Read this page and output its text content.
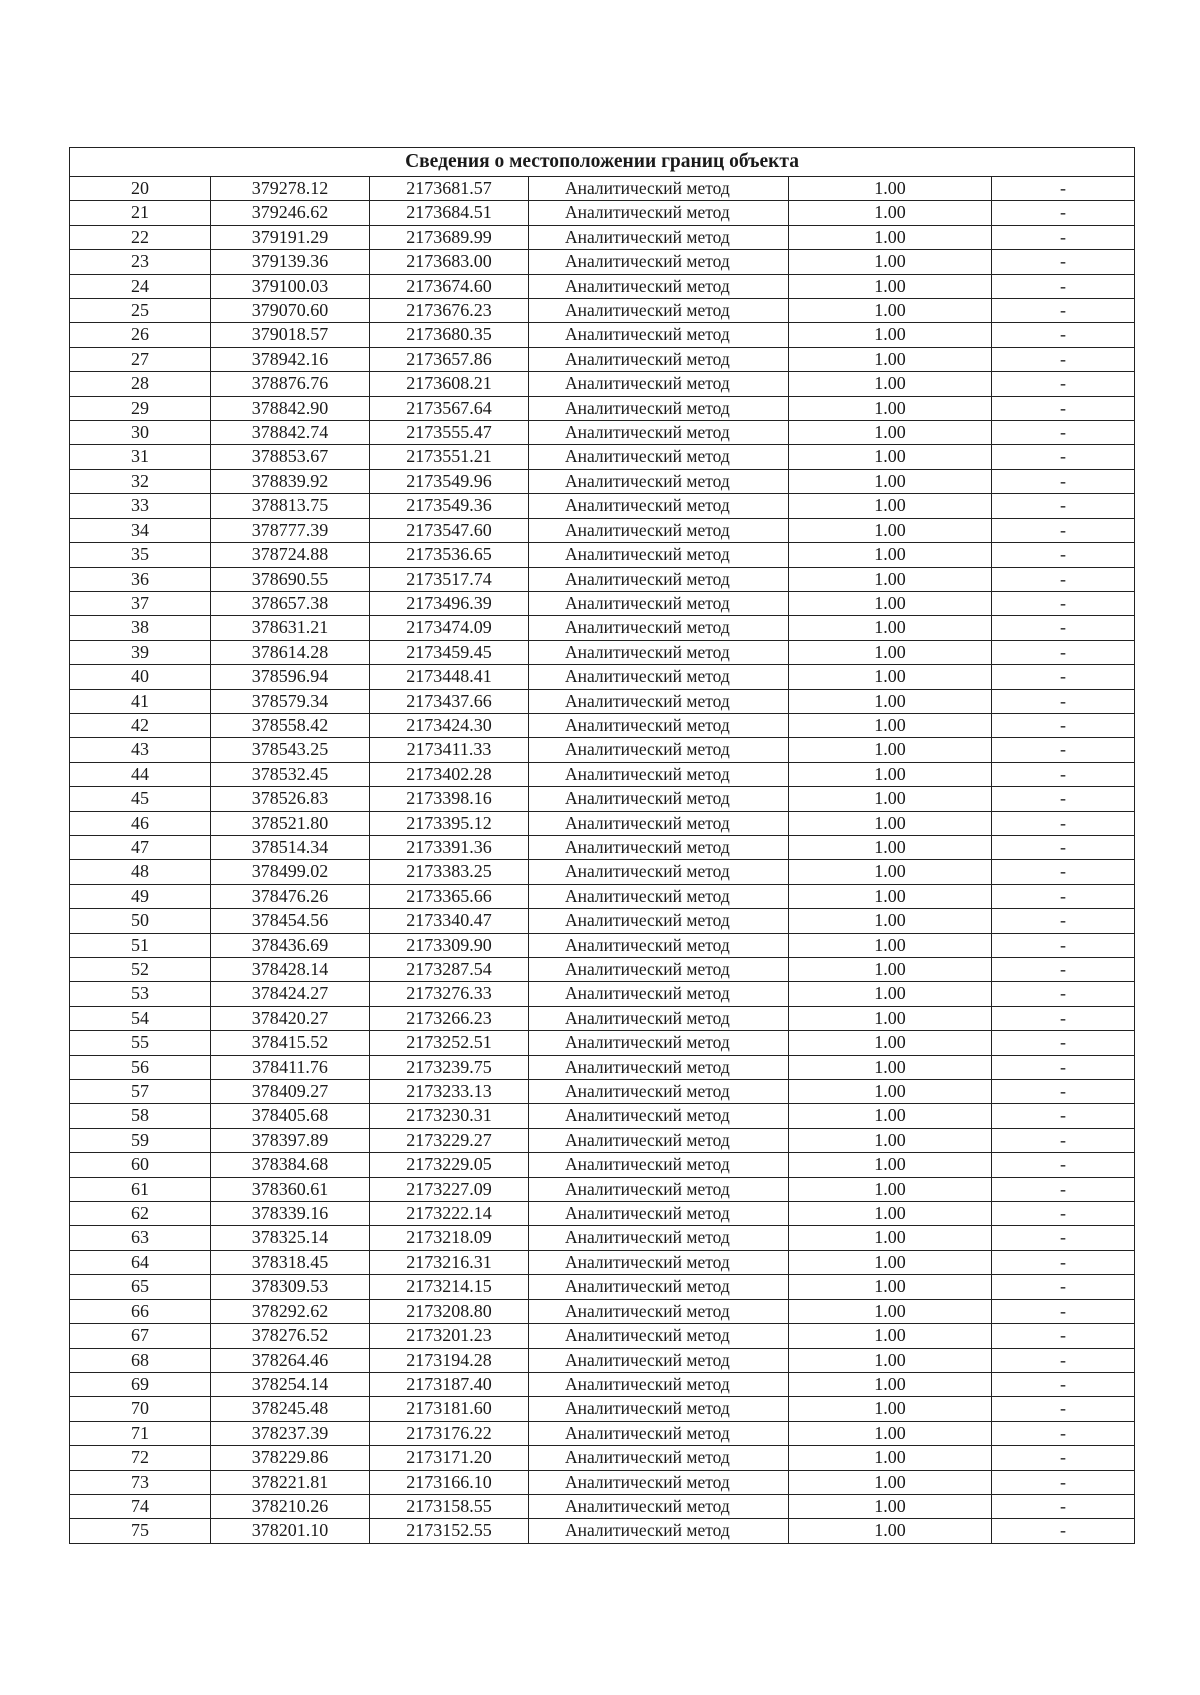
Сведения о местоположении границ объекта					
20	379278.12	2173681.57	Аналитический метод	1.00	-
21	379246.62	2173684.51	Аналитический метод	1.00	-
22	379191.29	2173689.99	Аналитический метод	1.00	-
23	379139.36	2173683.00	Аналитический метод	1.00	-
24	379100.03	2173674.60	Аналитический метод	1.00	-
25	379070.60	2173676.23	Аналитический метод	1.00	-
26	379018.57	2173680.35	Аналитический метод	1.00	-
27	378942.16	2173657.86	Аналитический метод	1.00	-
28	378876.76	2173608.21	Аналитический метод	1.00	-
29	378842.90	2173567.64	Аналитический метод	1.00	-
30	378842.74	2173555.47	Аналитический метод	1.00	-
31	378853.67	2173551.21	Аналитический метод	1.00	-
32	378839.92	2173549.96	Аналитический метод	1.00	-
33	378813.75	2173549.36	Аналитический метод	1.00	-
34	378777.39	2173547.60	Аналитический метод	1.00	-
35	378724.88	2173536.65	Аналитический метод	1.00	-
36	378690.55	2173517.74	Аналитический метод	1.00	-
37	378657.38	2173496.39	Аналитический метод	1.00	-
38	378631.21	2173474.09	Аналитический метод	1.00	-
39	378614.28	2173459.45	Аналитический метод	1.00	-
40	378596.94	2173448.41	Аналитический метод	1.00	-
41	378579.34	2173437.66	Аналитический метод	1.00	-
42	378558.42	2173424.30	Аналитический метод	1.00	-
43	378543.25	2173411.33	Аналитический метод	1.00	-
44	378532.45	2173402.28	Аналитический метод	1.00	-
45	378526.83	2173398.16	Аналитический метод	1.00	-
46	378521.80	2173395.12	Аналитический метод	1.00	-
47	378514.34	2173391.36	Аналитический метод	1.00	-
48	378499.02	2173383.25	Аналитический метод	1.00	-
49	378476.26	2173365.66	Аналитический метод	1.00	-
50	378454.56	2173340.47	Аналитический метод	1.00	-
51	378436.69	2173309.90	Аналитический метод	1.00	-
52	378428.14	2173287.54	Аналитический метод	1.00	-
53	378424.27	2173276.33	Аналитический метод	1.00	-
54	378420.27	2173266.23	Аналитический метод	1.00	-
55	378415.52	2173252.51	Аналитический метод	1.00	-
56	378411.76	2173239.75	Аналитический метод	1.00	-
57	378409.27	2173233.13	Аналитический метод	1.00	-
58	378405.68	2173230.31	Аналитический метод	1.00	-
59	378397.89	2173229.27	Аналитический метод	1.00	-
60	378384.68	2173229.05	Аналитический метод	1.00	-
61	378360.61	2173227.09	Аналитический метод	1.00	-
62	378339.16	2173222.14	Аналитический метод	1.00	-
63	378325.14	2173218.09	Аналитический метод	1.00	-
64	378318.45	2173216.31	Аналитический метод	1.00	-
65	378309.53	2173214.15	Аналитический метод	1.00	-
66	378292.62	2173208.80	Аналитический метод	1.00	-
67	378276.52	2173201.23	Аналитический метод	1.00	-
68	378264.46	2173194.28	Аналитический метод	1.00	-
69	378254.14	2173187.40	Аналитический метод	1.00	-
70	378245.48	2173181.60	Аналитический метод	1.00	-
71	378237.39	2173176.22	Аналитический метод	1.00	-
72	378229.86	2173171.20	Аналитический метод	1.00	-
73	378221.81	2173166.10	Аналитический метод	1.00	-
74	378210.26	2173158.55	Аналитический метод	1.00	-
75	378201.10	2173152.55	Аналитический метод	1.00	-
